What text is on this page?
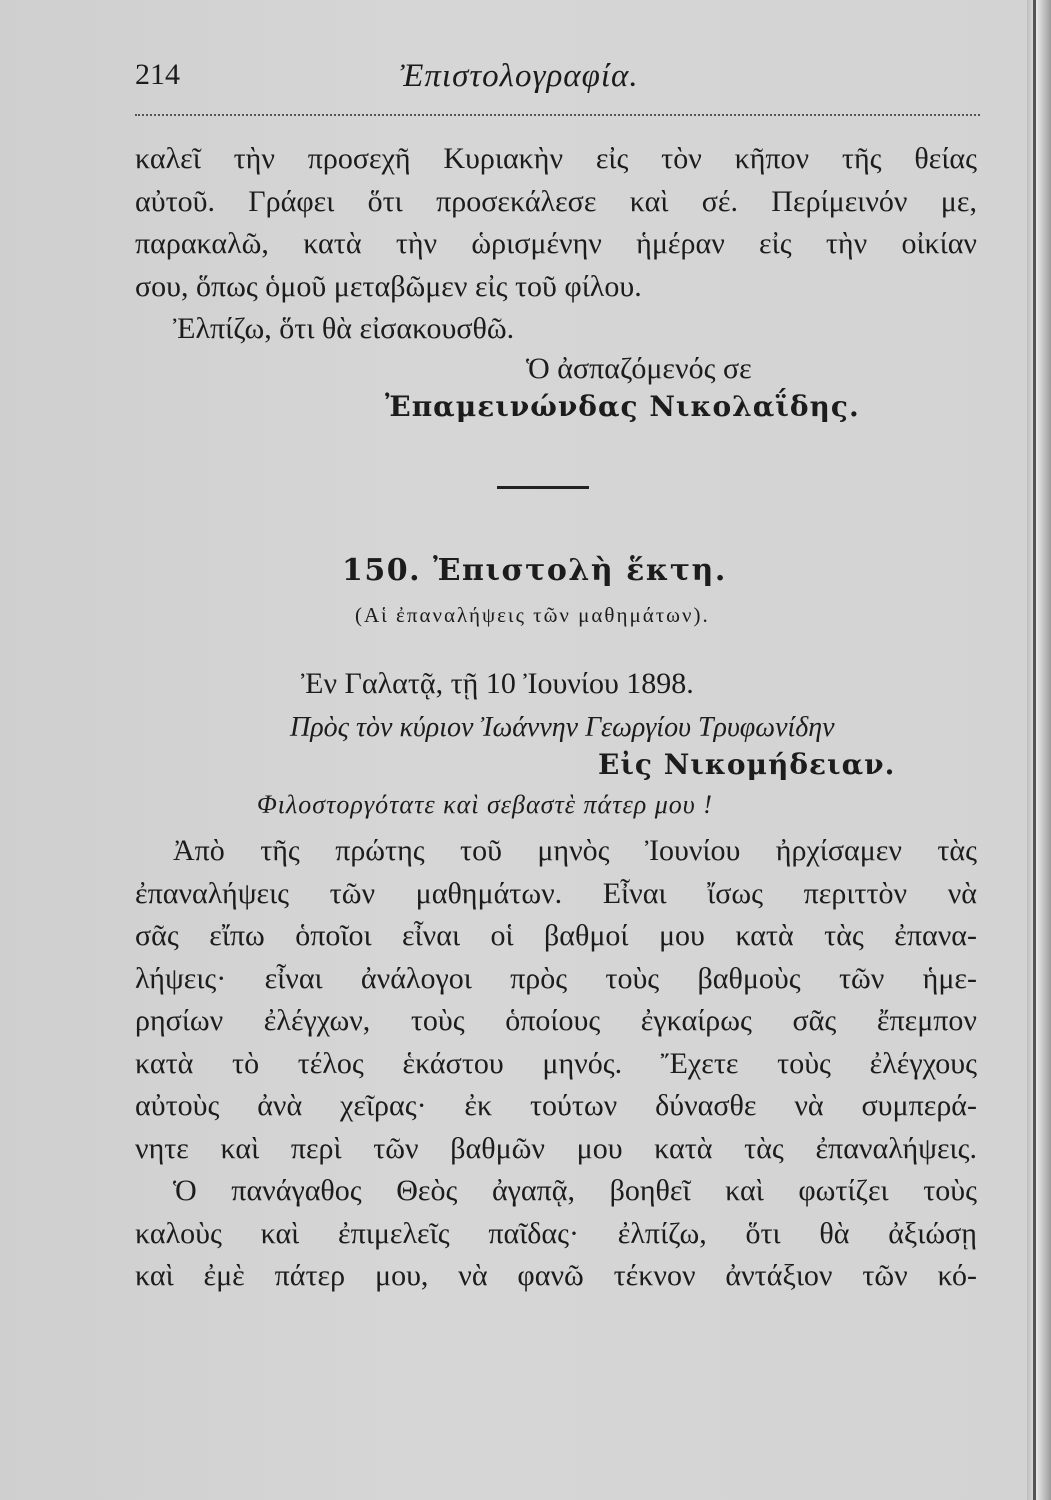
214	Ἐπιστολογραφία.
καλεῖ τὴν προσεχῆ Κυριακὴν εἰς τὸν κῆπον τῆς θείας
αὐτοῦ. Γράφει ὅτι προσεκάλεσε καὶ σέ. Περίμεινόν με,
παρακαλῶ, κατὰ τὴν ὡρισμένην ἡμέραν εἰς τὴν οἰκίαν
σου, ὅπως ὁμοῦ μεταβῶμεν εἰς τοῦ φίλου.
Ἐλπίζω, ὅτι θὰ εἰσακουσθῶ.
Ὁ ἀσπαζόμενός σε
Ἐπαμεινώνδας Νικολαΐδης.
150. Ἐπιστολὴ ἕκτη.
(Αἱ ἐπαναλήψεις τῶν μαθημάτων).
Ἐν Γαλατᾷ, τῇ 10 Ἰουνίου 1898.
Πρὸς τὸν κύριον Ἰωάννην Γεωργίου Τρυφωνίδην
Εἰς Νικομήδειαν.
Φιλοστοργότατε καὶ σεβαστὲ πάτερ μου !
Ἀπὸ τῆς πρώτης τοῦ μηνὸς Ἰουνίου ἠρχίσαμεν τὰς
ἐπαναλήψεις τῶν μαθημάτων. Εἶναι ἴσως περιττὸν νὰ
σᾶς εἴπω ὁποῖοι εἶναι οἱ βαθμοί μου κατὰ τὰς ἐπανα-
λήψεις· εἶναι ἀνάλογοι πρὸς τοὺς βαθμοὺς τῶν ἡμε-
ρησίων ἐλέγχων, τοὺς ὁποίους ἐγκαίρως σᾶς ἔπεμπον
κατὰ τὸ τέλος ἑκάστου μηνός. Ἔχετε τοὺς ἐλέγχους
αὐτοὺς ἀνὰ χεῖρας· ἐκ τούτων δύνασθε νὰ συμπερά-
νητε καὶ περὶ τῶν βαθμῶν μου κατὰ τὰς ἐπαναλήψεις.
Ὁ πανάγαθος Θεὸς ἀγαπᾷ, βοηθεῖ καὶ φωτίζει τοὺς
καλοὺς καὶ ἐπιμελεῖς παῖδας· ἐλπίζω, ὅτι θὰ ἀξιώσῃ
καὶ ἐμὲ πάτερ μου, νὰ φανῶ τέκνον ἀντάξιον τῶν κό-
